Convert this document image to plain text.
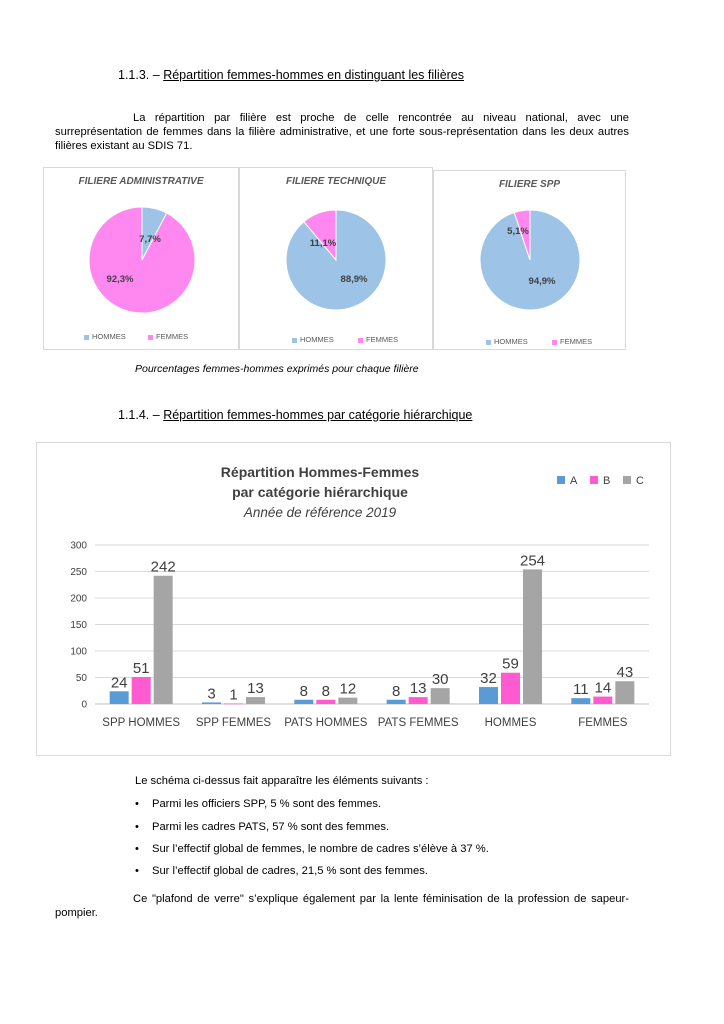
1.1.3. – Répartition femmes-hommes en distinguant les filières
La répartition par filière est proche de celle rencontrée au niveau national, avec une surreprésentation de femmes dans la filière administrative, et une forte sous-représentation dans les deux autres filières existant au SDIS 71.
FILIERE ADMINISTRATIVE
7,7%
92,3%
HOMMES	FEMMES
FILIERE TECHNIQUE
88,9%
11,1%
HOMMES	FEMMES
FILIERE SPP
94,9%
5,1%
HOMMES	FEMMES
Pourcentages femmes-hommes exprimés pour chaque filière
1.1.4. – Répartition femmes-hommes par catégorie hiérarchique
Répartition Hommes-Femmes
par catégorie hiérarchique
Année de référence 2019
0
50
100
150
200
250
300
24
51
242
SPP HOMMES
3 1 13
SPP FEMMES
8 8 12
PATS HOMMES
8 13
30
PATS FEMMES
32
59
254
HOMMES
11 14
43
FEMMES
A B C
Le schéma ci-dessus fait apparaître les éléments suivants :
• Parmi les officiers SPP, 5 % sont des femmes.
• Parmi les cadres PATS, 57 % sont des femmes.
• Sur l’effectif global de femmes, le nombre de cadres s’élève à 37 %.
• Sur l’effectif global de cadres, 21,5 % sont des femmes.
Ce "plafond de verre" s’explique également par la lente féminisation de la profession de sapeur-pompier.
